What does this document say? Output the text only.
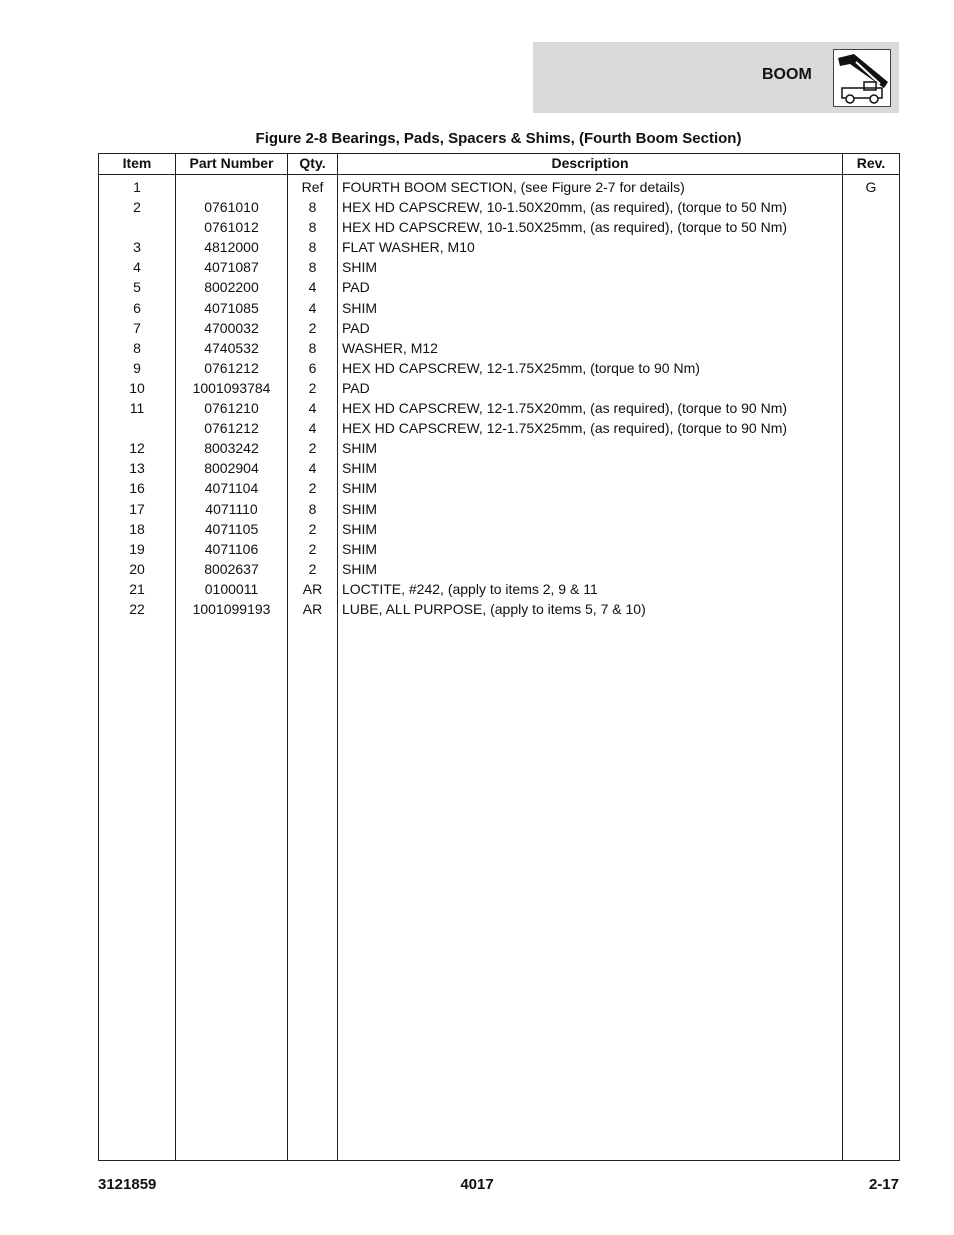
BOOM
Figure 2-8 Bearings, Pads, Spacers & Shims, (Fourth Boom Section)
Item	Part Number	Qty.	Description	Rev.
1		Ref	FOURTH BOOM SECTION, (see Figure 2-7 for details)	G
2	0761010	8	HEX HD CAPSCREW, 10-1.50X20mm, (as required), (torque to 50 Nm)	
	0761012	8	HEX HD CAPSCREW, 10-1.50X25mm, (as required), (torque to 50 Nm)	
3	4812000	8	FLAT WASHER, M10	
4	4071087	8	SHIM	
5	8002200	4	PAD	
6	4071085	4	SHIM	
7	4700032	2	PAD	
8	4740532	8	WASHER, M12	
9	0761212	6	HEX HD CAPSCREW, 12-1.75X25mm, (torque to 90 Nm)	
10	1001093784	2	PAD	
11	0761210	4	HEX HD CAPSCREW, 12-1.75X20mm, (as required), (torque to 90 Nm)	
	0761212	4	HEX HD CAPSCREW, 12-1.75X25mm, (as required), (torque to 90 Nm)	
12	8003242	2	SHIM	
13	8002904	4	SHIM	
16	4071104	2	SHIM	
17	4071110	8	SHIM	
18	4071105	2	SHIM	
19	4071106	2	SHIM	
20	8002637	2	SHIM	
21	0100011	AR	LOCTITE, #242, (apply to items 2, 9 & 11	
22	1001099193	AR	LUBE, ALL PURPOSE, (apply to items 5, 7 & 10)	

3121859	4017	2-17
